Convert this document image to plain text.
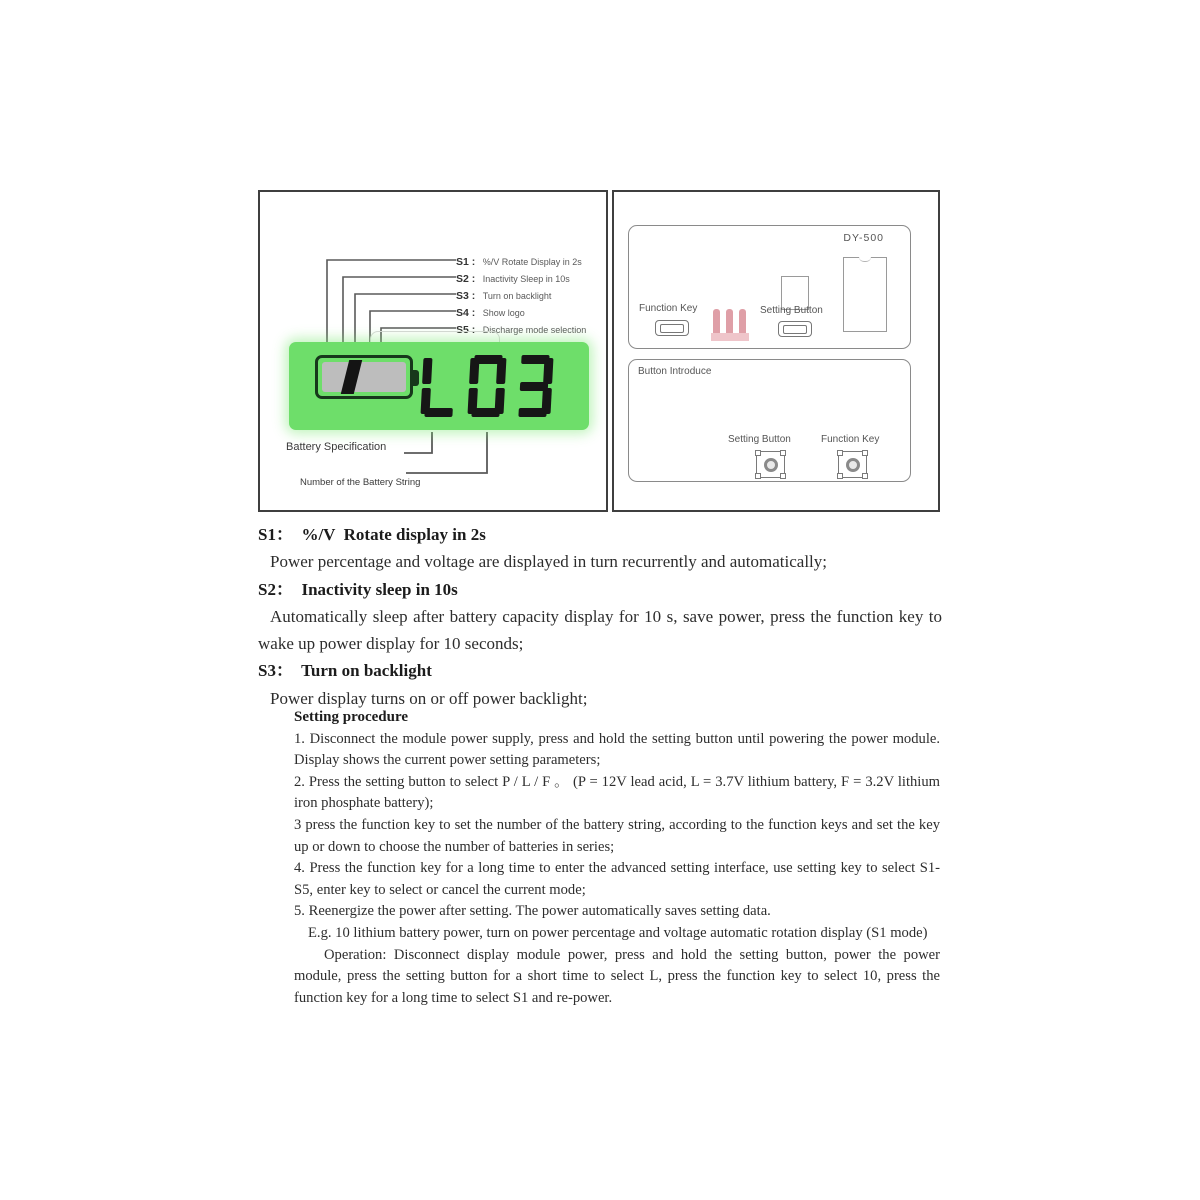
S1 : %/V Rotate Display in 2s
S2 : Inactivity Sleep in 10s
S3 : Turn on backlight
S4 : Show logo
S5 : Discharge mode selection
Battery Specification
Number of the Battery String
DY-500
Function Key	Setting Button
Button Introduce
Setting Button	Function Key
S1：  %/V  Rotate display in 2s

Power percentage and voltage are displayed in turn recurrently and automatically;

S2：  Inactivity sleep in 10s

Automatically sleep after battery capacity display for 10 s, save power, press the function key to wake up power display for 10 seconds;

S3：  Turn on backlight

Power display turns on or off power backlight;

Setting procedure

1. Disconnect the module power supply, press and hold the setting button until powering the power module. Display shows the current power setting parameters;

2. Press the setting button to select P / L / F 。 (P = 12V lead acid, L = 3.7V lithium battery, F = 3.2V lithium iron phosphate battery);

3 press the function key to set the number of the battery string, according to the function keys and set the key up or down to choose the number of batteries in series;

4. Press the function key for a long time to enter the advanced setting interface, use setting key to select S1-S5, enter key to select or cancel the current mode;

5. Reenergize the power after setting. The power automatically saves setting data.

E.g. 10 lithium battery power, turn on power percentage and voltage automatic rotation display (S1 mode)

Operation: Disconnect display module power, press and hold the setting button, power the power module, press the setting button for a short time to select L, press the function key to select 10, press the function key for a long time to select S1 and re-power.
